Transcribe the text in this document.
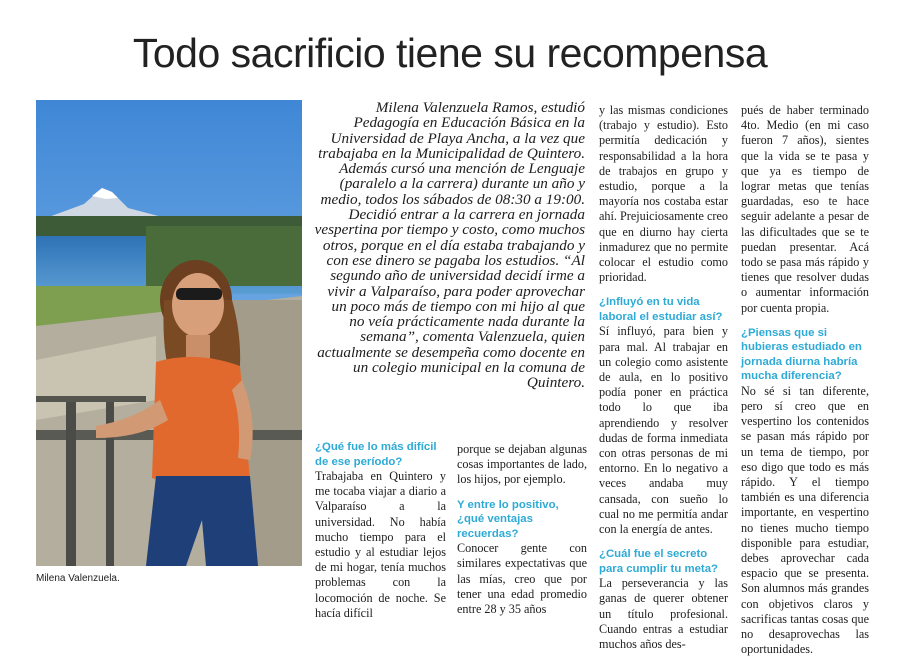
Todo sacrificio tiene su recompensa
Milena Valenzuela.

Milena Valenzuela Ramos, estudió Pedagogía en Educación Básica en la Universidad de Playa Ancha, a la vez que trabajaba en la Municipalidad de Quintero. Además cursó una mención de Lenguaje (paralelo a la carrera) durante un año y medio, todos los sábados de 08:30 a 19:00.

Decidió entrar a la carrera en jornada vespertina por tiempo y costo, como muchos otros, porque en el día estaba trabajando y con ese dinero se pagaba los estudios. “Al segundo año de universidad decidí irme a vivir a Valparaíso, para poder aprovechar un poco más de tiempo con mi hijo al que no veía prácticamente nada durante la semana”, comenta Valenzuela, quien actualmente se desempeña como docente en un colegio municipal en la comuna de Quintero.

¿Qué fue lo más difícil de ese período?

Trabajaba en Quintero y me tocaba viajar a diario a Valparaíso a la universidad. No había mucho tiempo para el estudio y al estudiar lejos de mi hogar, tenía muchos problemas con la locomoción de noche. Se hacía difícil

porque se dejaban algunas cosas importantes de lado, los hijos, por ejemplo.

Y entre lo positivo, ¿qué ventajas recuerdas?

Conocer gente con similares expectativas que las mías, creo que por tener una edad promedio entre 28 y 35 años

y las mismas condiciones (trabajo y estudio). Esto permitía dedicación y responsabilidad a la hora de trabajos en grupo y estudio, porque a la mayoría nos costaba estar ahí. Prejuiciosamente creo que en diurno hay cierta inmadurez que no permite colocar el estudio como prioridad.

¿Influyó en tu vida laboral el estudiar así?

Sí influyó, para bien y para mal. Al trabajar en un colegio como asistente de aula, en lo positivo podía poner en práctica todo lo que iba aprendiendo y resolver dudas de forma inmediata con otras personas de mi entorno. En lo negativo a veces andaba muy cansada, con sueño lo cual no me permitía andar con la energía de antes.

¿Cuál fue el secreto para cumplir tu meta?

La perseverancia y las ganas de querer obtener un título profesional. Cuando entras a estudiar muchos años des-

pués de haber terminado 4to. Medio (en mi caso fueron 7 años), sientes que la vida se te pasa y que ya es tiempo de lograr metas que tenías guardadas, eso te hace seguir adelante a pesar de las dificultades que se te puedan presentar. Acá todo se pasa más rápido y tienes que resolver dudas o aumentar información por cuenta propia.

¿Piensas que si hubieras estudiado en jornada diurna habría mucha diferencia?

No sé si tan diferente, pero sí creo que en vespertino los contenidos se pasan más rápido por un tema de tiempo, por eso digo que todo es más rápido. Y el tiempo también es una diferencia importante, en vespertino no tienes mucho tiempo disponible para estudiar, debes aprovechar cada espacio que se presenta. Son alumnos más grandes con objetivos claros y sacrificas tantas cosas que no desaprovechas las oportunidades.
